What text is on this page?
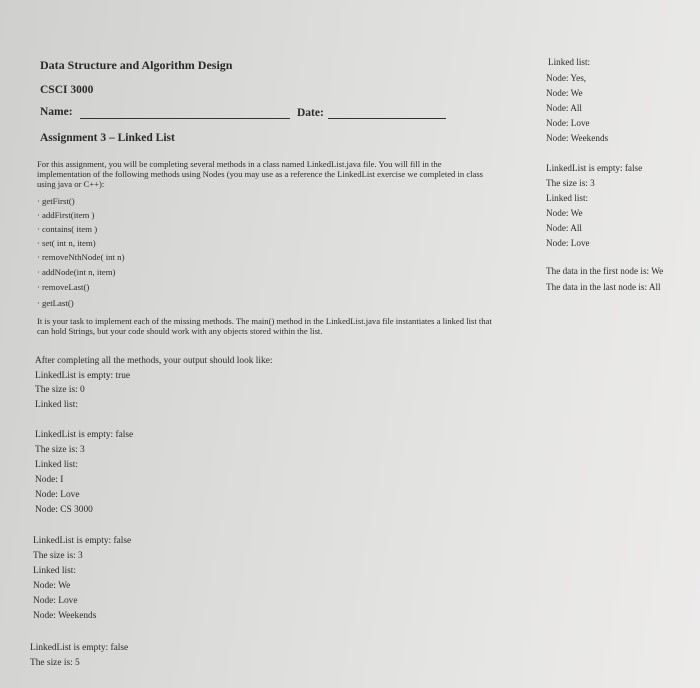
Data Structure and Algorithm Design
CSCI 3000
Name:	Date:
Assignment 3 – Linked List
For this assignment, you will be completing several methods in a class named LinkedList.java file. You will fill in the implementation of the following methods using Nodes (you may use as a reference the LinkedList exercise we completed in class using java or C++):
· getFirst()
· addFirst(item )
· contains( item )
· set( int n, item)
· removeNthNode( int n)
· addNode(int n, item)
· removeLast()
· getLast()
It is your task to implement each of the missing methods. The main() method in the LinkedList.java file instantiates a linked list that can hold Strings, but your code should work with any objects stored within the list.
After completing all the methods, your output should look like:
LinkedList is empty: true
The size is: 0
Linked list:
LinkedList is empty: false
The size is: 3
Linked list:
Node: I
Node: Love
Node: CS 3000
LinkedList is empty: false
The size is: 3
Linked list:
Node: We
Node: Love
Node: Weekends
LinkedList is empty: false
The size is: 5
Linked list:
Node: Yes,
Node: We
Node: All
Node: Love
Node: Weekends
LinkedList is empty: false
The size is: 3
Linked list:
Node: We
Node: All
Node: Love
The data in the first node is: We
The data in the last node is: All
